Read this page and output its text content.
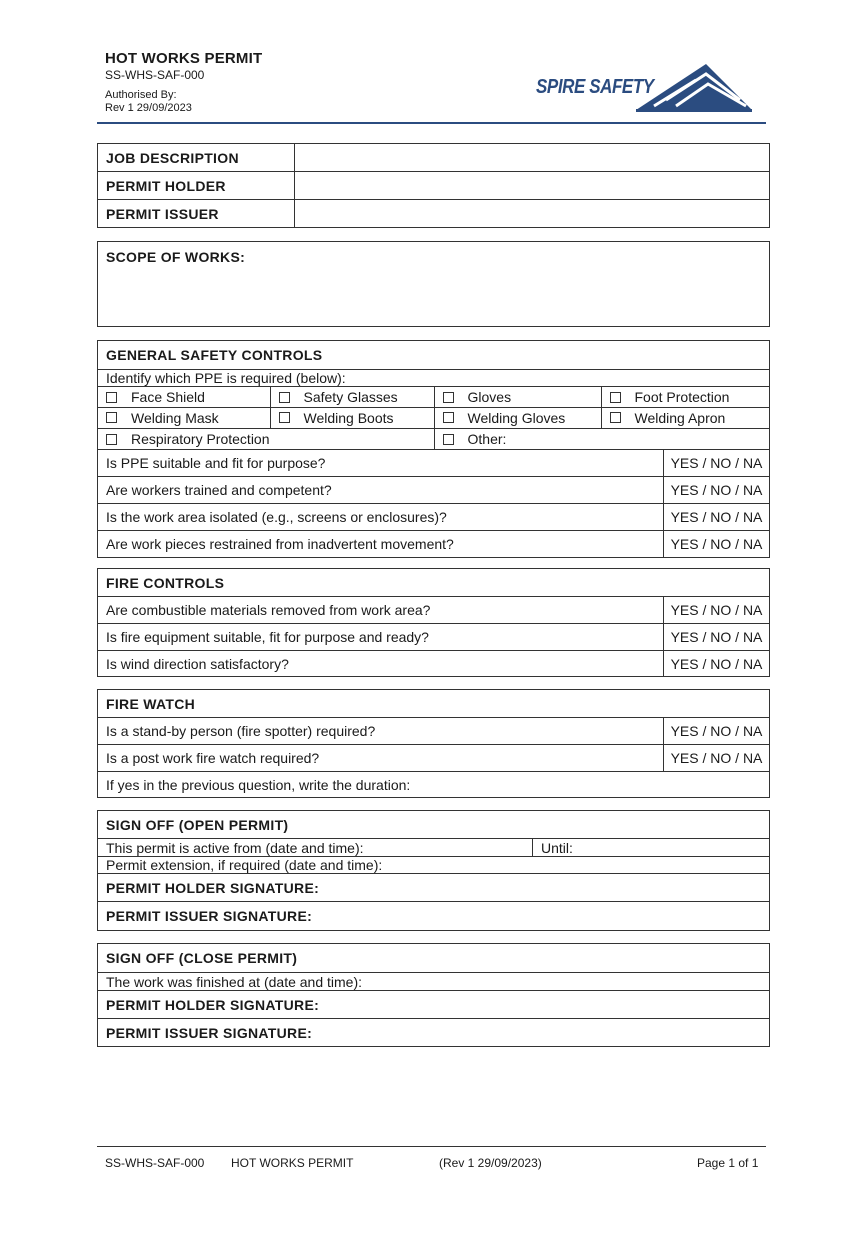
HOT WORKS PERMIT
SS-WHS-SAF-000
Authorised By:
Rev 1 29/09/2023
SPIRE SAFETY
JOB DESCRIPTION	
PERMIT HOLDER	
PERMIT ISSUER	
SCOPE OF WORKS:
GENERAL SAFETY CONTROLS
Identify which PPE is required (below):

Face Shield	Safety Glasses	Gloves	Foot Protection
Welding Mask	Welding Boots	Welding Gloves	Welding Apron
Respiratory Protection	Other:

Is PPE suitable and fit for purpose?	YES / NO / NA
Are workers trained and competent?	YES / NO / NA
Is the work area isolated (e.g., screens or enclosures)?	YES / NO / NA
Are work pieces restrained from inadvertent movement?	YES / NO / NA
FIRE CONTROLS	
Are combustible materials removed from work area?	YES / NO / NA
Is fire equipment suitable, fit for purpose and ready?	YES / NO / NA
Is wind direction satisfactory?	YES / NO / NA
FIRE WATCH	
Is a stand-by person (fire spotter) required?	YES / NO / NA
Is a post work fire watch required?	YES / NO / NA
If yes in the previous question, write the duration:	
SIGN OFF (OPEN PERMIT)
This permit is active from (date and time):	Until:
Permit extension, if required (date and time):
PERMIT HOLDER SIGNATURE:
PERMIT ISSUER SIGNATURE:
SIGN OFF (CLOSE PERMIT)
The work was finished at (date and time):
PERMIT HOLDER SIGNATURE:
PERMIT ISSUER SIGNATURE:
SS-WHS-SAF-000 HOT WORKS PERMIT	(Rev 1 29/09/2023)	Page 1 of 1
